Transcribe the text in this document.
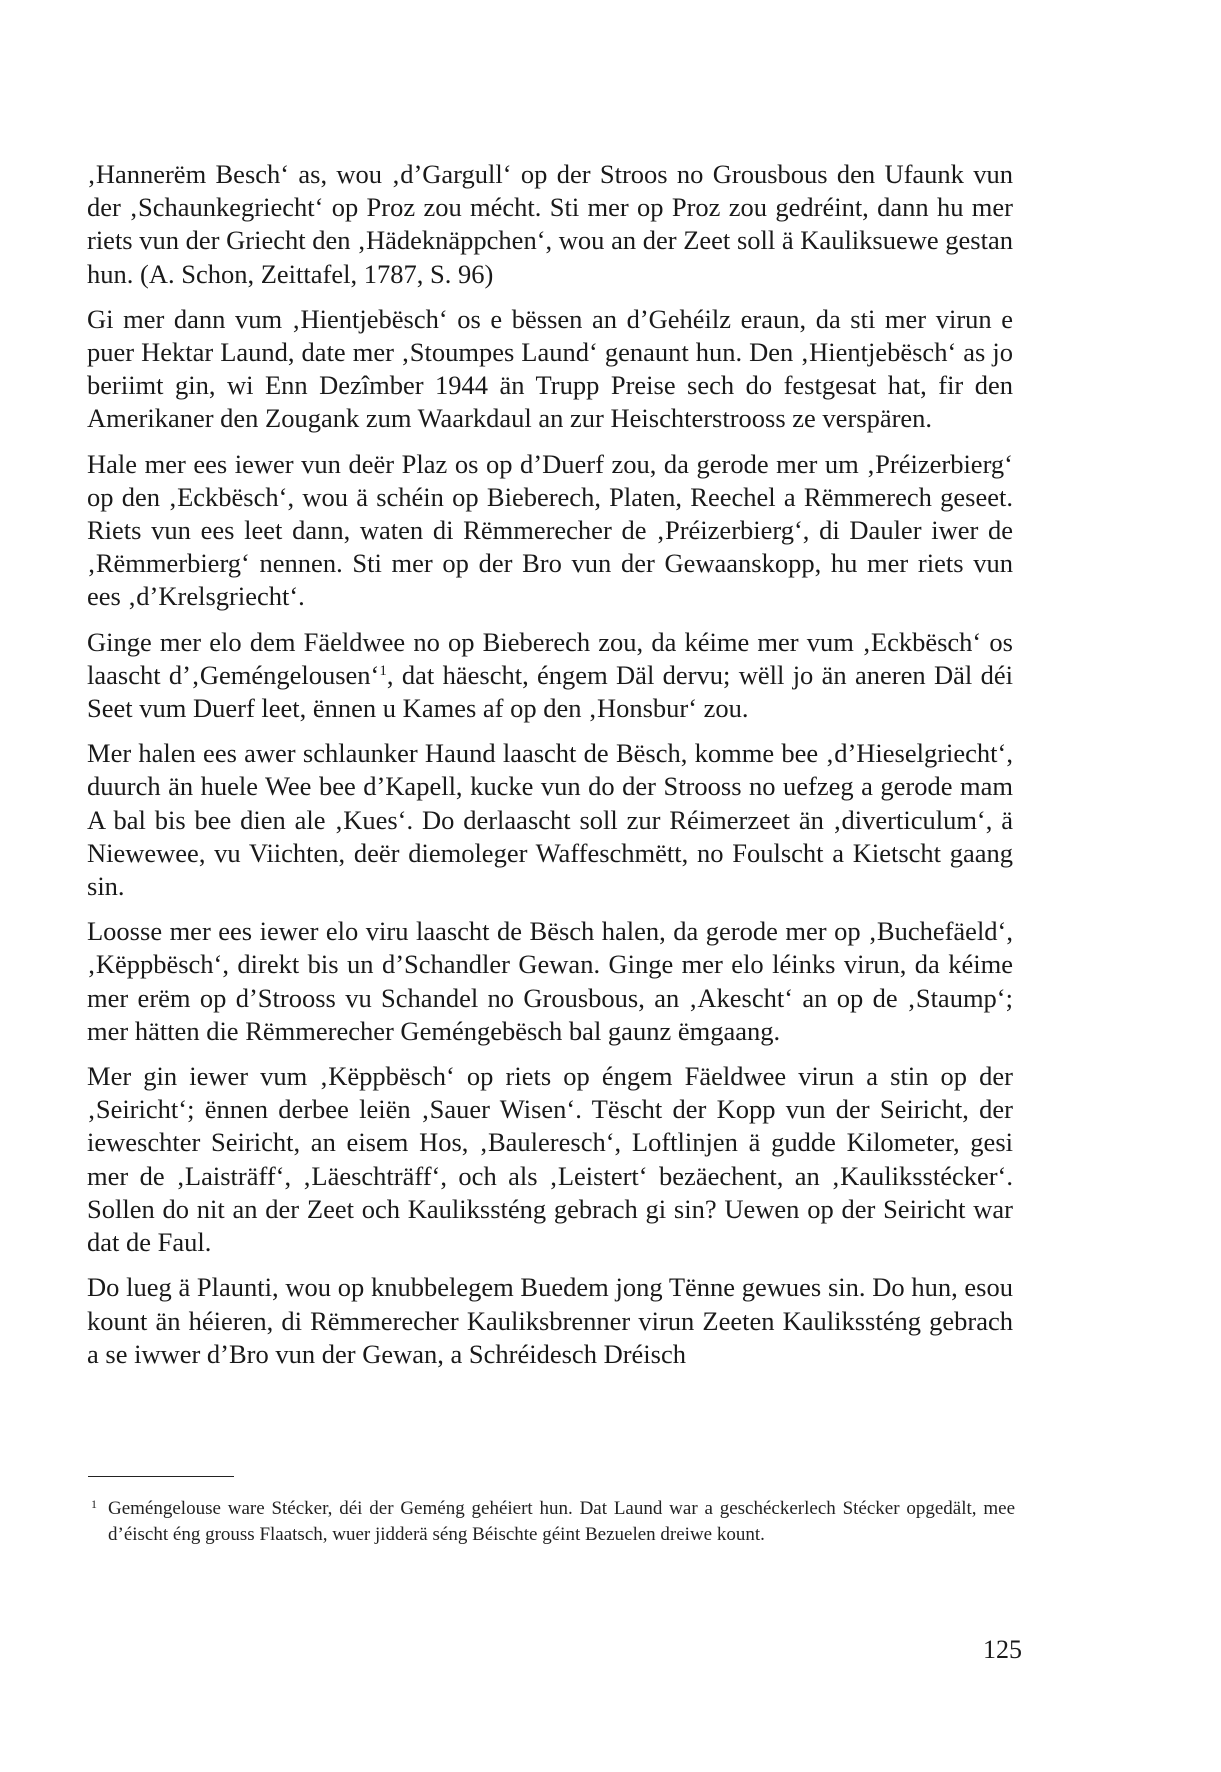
‚Hannerëm Besch‘ as, wou ‚d’Gargull‘ op der Stroos no Grousbous den Ufaunk vun der ‚Schaunkegriecht‘ op Proz zou mécht. Sti mer op Proz zou gedréint, dann hu mer riets vun der Griecht den ‚Hädeknäppchen‘, wou an der Zeet soll ä Kauliksuewe gestan hun. (A. Schon, Zeittafel, 1787, S. 96)

Gi mer dann vum ‚Hientjebësch‘ os e bëssen an d’Gehéilz eraun, da sti mer virun e puer Hektar Laund, date mer ‚Stoumpes Laund‘ genaunt hun. Den ‚Hientjebësch‘ as jo beriimt gin, wi Enn Dezîmber 1944 än Trupp Preise sech do festgesat hat, fir den Amerikaner den Zougank zum Waarkdaul an zur Heischterstrooss ze verspären.

Hale mer ees iewer vun deër Plaz os op d’Duerf zou, da gerode mer um ‚Préizerbierg‘ op den ‚Eckbësch‘, wou ä schéin op Bieberech, Platen, Reechel a Rëmmerech geseet. Riets vun ees leet dann, waten di Rëmmerecher de ‚Préizerbierg‘, di Dauler iwer de ‚Rëmmerbierg‘ nennen. Sti mer op der Bro vun der Gewaanskopp, hu mer riets vun ees ‚d’Krelsgriecht‘.

Ginge mer elo dem Fäeldwee no op Bieberech zou, da kéime mer vum ‚Eckbësch‘ os laascht d’‚Geméngelousen‘$^1$, dat häescht, éngem Däl dervu; wëll jo än aneren Däl déi Seet vum Duerf leet, ënnen u Kames af op den ‚Honsbur‘ zou.

Mer halen ees awer schlaunker Haund laascht de Bësch, komme bee ‚d’Hieselgriecht‘, duurch än huele Wee bee d’Kapell, kucke vun do der Strooss no uefzeg a gerode mam A bal bis bee dien ale ‚Kues‘. Do derlaascht soll zur Réimerzeet än ‚diverticulum‘, ä Niewewee, vu Viichten, deër diemoleger Waffeschmëtt, no Foulscht a Kietscht gaang sin.

Loosse mer ees iewer elo viru laascht de Bësch halen, da gerode mer op ‚Buchefäeld‘, ‚Këppbësch‘, direkt bis un d’Schandler Gewan. Ginge mer elo léinks virun, da kéime mer erëm op d’Strooss vu Schandel no Grousbous, an ‚Akescht‘ an op de ‚Staump‘; mer hätten die Rëmmerecher Geméngebësch bal gaunz ëmgaang.

Mer gin iewer vum ‚Këppbësch‘ op riets op éngem Fäeldwee virun a stin op der ‚Seiricht‘; ënnen derbee leiën ‚Sauer Wisen‘. Tëscht der Kopp vun der Seiricht, der ieweschter Seiricht, an eisem Hos, ‚Bauleresch‘, Loftlinjen ä gudde Kilometer, gesi mer de ‚Laisträff‘, ‚Läeschträff‘, och als ‚Leistert‘ bezäechent, an ‚Kauliksstécker‘. Sollen do nit an der Zeet och Kaulikssténg gebrach gi sin? Uewen op der Seiricht war dat de Faul.

Do lueg ä Plaunti, wou op knubbelegem Buedem jong Tënne gewues sin. Do hun, esou kount än héieren, di Rëmmerecher Kauliksbrenner virun Zeeten Kaulikssténg gebrach a se iwwer d’Bro vun der Gewan, a Schréidesch Dréisch

1 Geméngelouse ware Stécker, déi der Geméng gehéiert hun. Dat Laund war a geschéckerlech Stécker opgedält, mee d’éischt éng grouss Flaatsch, wuer jidderä séng Béischte géint Bezuelen dreiwe kount.

125
